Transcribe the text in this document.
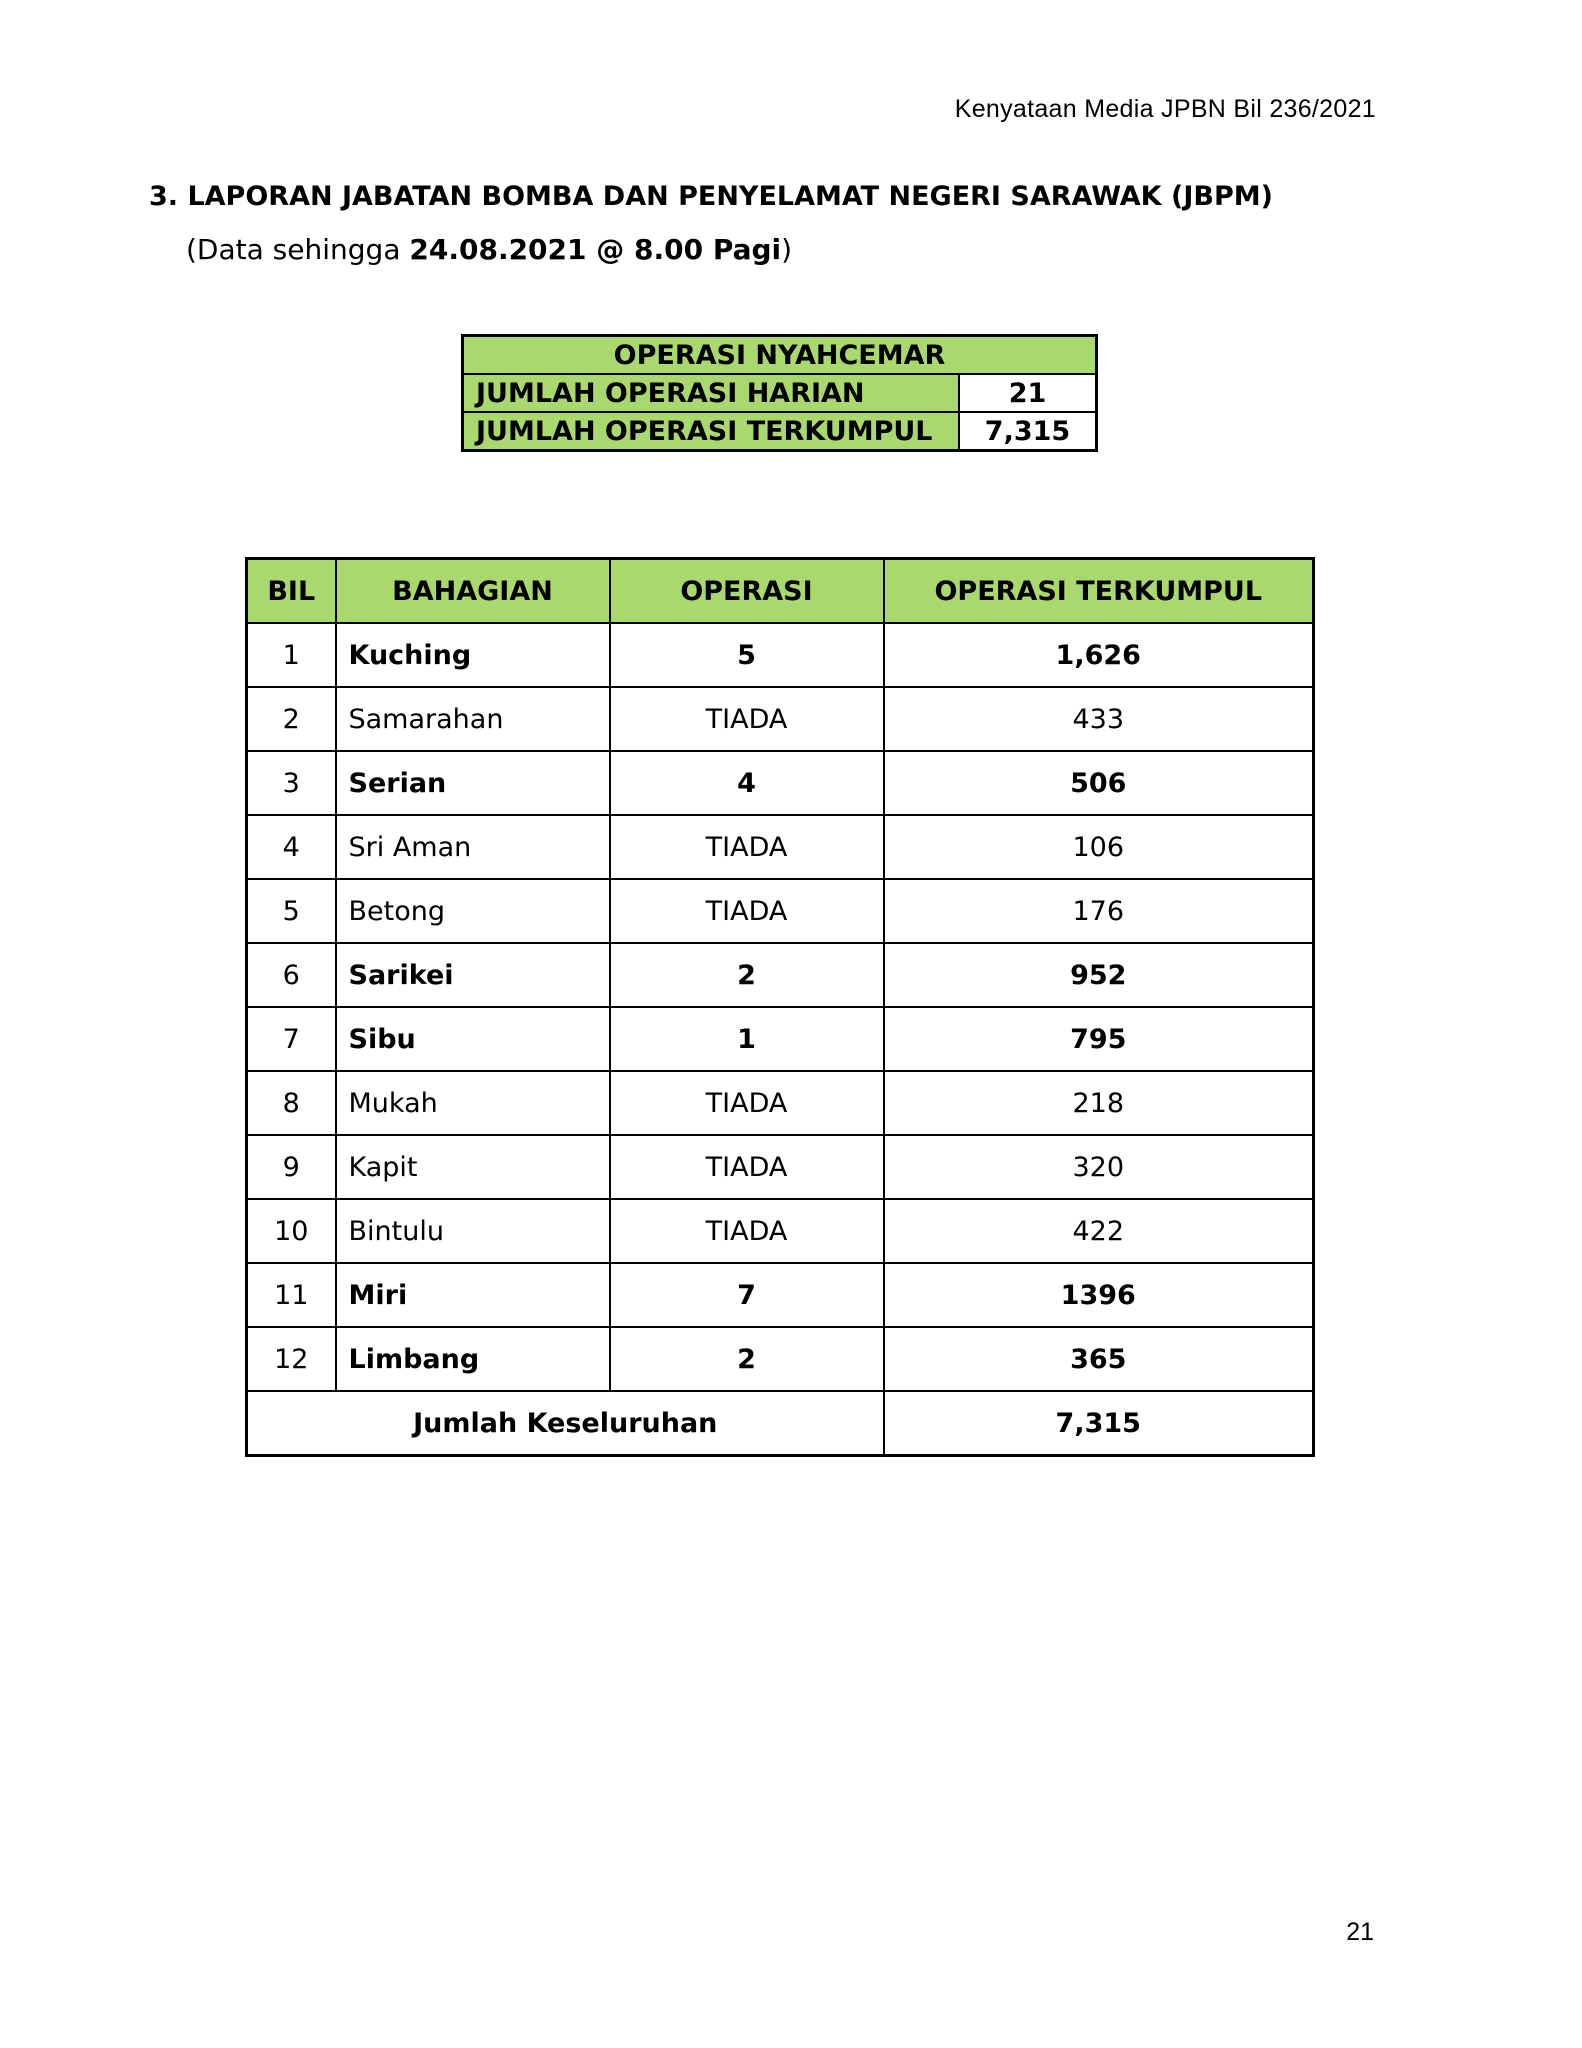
Kenyataan Media JPBN Bil 236/2021
3. LAPORAN JABATAN BOMBA DAN PENYELAMAT NEGERI SARAWAK (JBPM)
(Data sehingga 24.08.2021 @ 8.00 Pagi)
OPERASI NYAHCEMAR	
JUMLAH OPERASI HARIAN	21
JUMLAH OPERASI TERKUMPUL	7,315
BIL	BAHAGIAN	OPERASI	OPERASI TERKUMPUL
1	Kuching	5	1,626
2	Samarahan	TIADA	433
3	Serian	4	506
4	Sri Aman	TIADA	106
5	Betong	TIADA	176
6	Sarikei	2	952
7	Sibu	1	795
8	Mukah	TIADA	218
9	Kapit	TIADA	320
10	Bintulu	TIADA	422
11	Miri	7	1396
12	Limbang	2	365
Jumlah Keseluruhan			7,315
21
